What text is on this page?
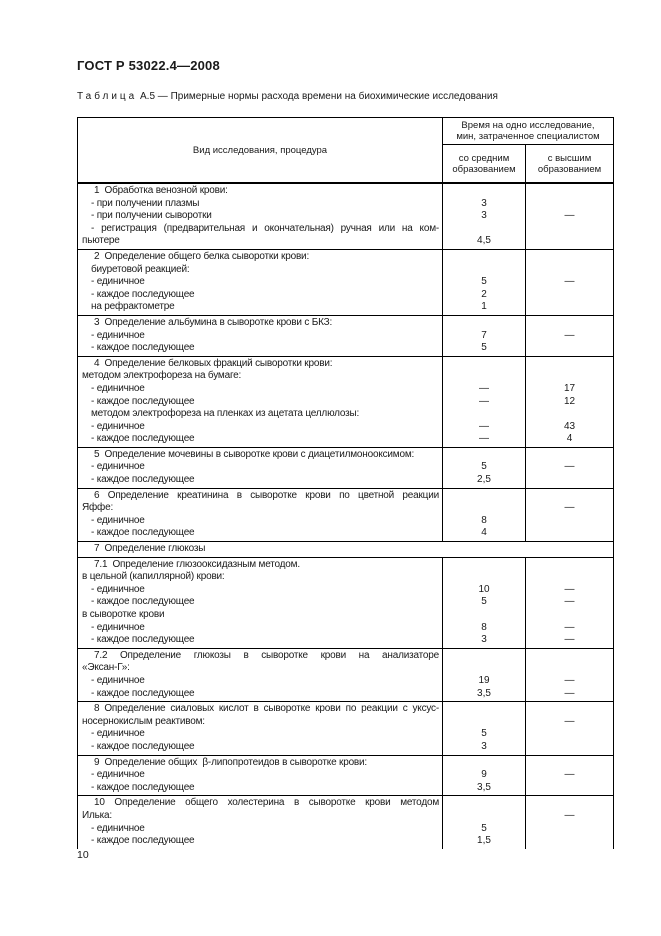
ГОСТ Р 53022.4—2008
Таблица А.5 — Примерные нормы расхода времени на биохимические исследования
Вид исследования, процедура
Время на одно исследование, мин, затраченное специалистом
со средним образованием
с высшим образованием
1  Обработка венозной крови:
- при получении плазмы
- при получении сыворотки
- регистрация (предварительная и окончательная) ручная или на ком-
пьютере
3
3
4,5
—
2  Определение общего белка сыворотки крови:
биуретовой реакцией:
- единичное
- каждое последующее
на рефрактометре
5
2
1
—
3  Определение альбумина в сыворотке крови с БКЗ:
- единичное
- каждое последующее
7
5
—
4  Определение белковых фракций сыворотки крови:
методом электрофореза на бумаге:
- единичное
- каждое последующее
методом электрофореза на пленках из ацетата целлюлозы:
- единичное
- каждое последующее
—
—
—
—
17
12
43
4
5  Определение мочевины в сыворотке крови с диацетилмонооксимом:
- единичное
- каждое последующее
5
2,5
—
6 Определение креатинина в сыворотке крови по цветной реакции
Яффе:
- единичное
- каждое последующее
8
4
—
7  Определение глюкозы
7.1  Определение глюзооксидазным методом.
в цельной (капиллярной) крови:
- единичное
- каждое последующее
в сыворотке крови
- единичное
- каждое последующее
10
5
8
3
—
—
—
—
7.2 Определение глюкозы в сыворотке крови на анализаторе
«Эксан-Г»:
- единичное
- каждое последующее
19
3,5
—
—
8 Определение сиаловых кислот в сыворотке крови по реакции с уксус-
носернокислым реактивом:
- единичное
- каждое последующее
5
3
—
9  Определение общих  β-липопротеидов в сыворотке крови:
- единичное
- каждое последующее
9
3,5
—
10 Определение общего холестерина в сыворотке крови методом
Илька:
- единичное
- каждое последующее
5
1,5
—
10
